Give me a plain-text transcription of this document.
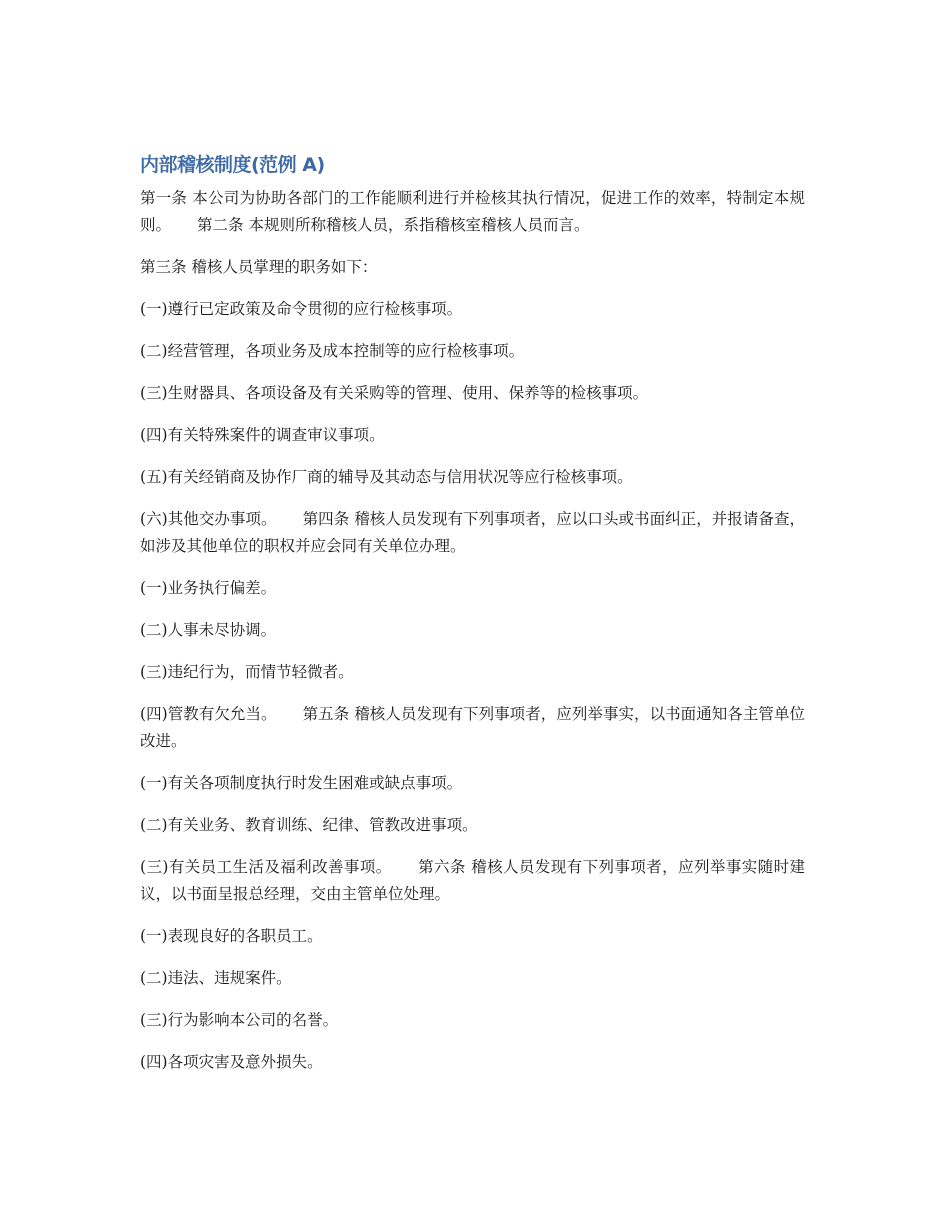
内部稽核制度(范例 A)

第一条 本公司为协助各部门的工作能顺利进行并检核其执行情况，促进工作的效率，特制定本规则。 第二条 本规则所称稽核人员，系指稽核室稽核人员而言。

第三条 稽核人员掌理的职务如下：

(一)遵行已定政策及命令贯彻的应行检核事项。

(二)经营管理，各项业务及成本控制等的应行检核事项。

(三)生财器具、各项设备及有关采购等的管理、使用、保养等的检核事项。

(四)有关特殊案件的调查审议事项。

(五)有关经销商及协作厂商的辅导及其动态与信用状况等应行检核事项。

(六)其他交办事项。 第四条 稽核人员发现有下列事项者，应以口头或书面纠正，并报请备查，如涉及其他单位的职权并应会同有关单位办理。

(一)业务执行偏差。

(二)人事未尽协调。

(三)违纪行为，而情节轻微者。

(四)管教有欠允当。 第五条 稽核人员发现有下列事项者，应列举事实，以书面通知各主管单位改进。

(一)有关各项制度执行时发生困难或缺点事项。

(二)有关业务、教育训练、纪律、管教改进事项。

(三)有关员工生活及福利改善事项。 第六条 稽核人员发现有下列事项者，应列举事实随时建议，以书面呈报总经理，交由主管单位处理。

(一)表现良好的各职员工。

(二)违法、违规案件。

(三)行为影响本公司的名誉。

(四)各项灾害及意外损失。
